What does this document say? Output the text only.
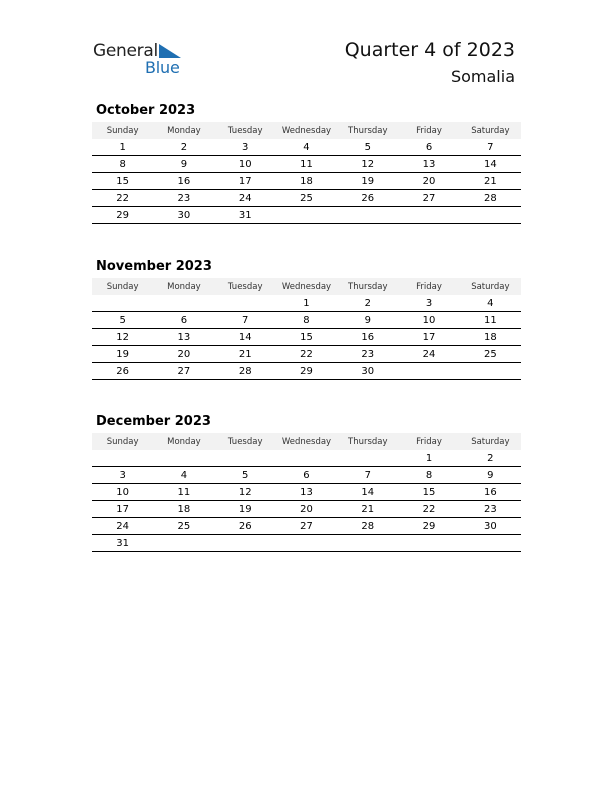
General
Blue
Quarter 4 of 2023
Somalia
October 2023
Sunday	Monday	Tuesday	Wednesday	Thursday	Friday	Saturday
1	2	3	4	5	6	7
8	9	10	11	12	13	14
15	16	17	18	19	20	21
22	23	24	25	26	27	28
29	30	31				
November 2023
Sunday	Monday	Tuesday	Wednesday	Thursday	Friday	Saturday
			1	2	3	4
5	6	7	8	9	10	11
12	13	14	15	16	17	18
19	20	21	22	23	24	25
26	27	28	29	30		
December 2023
Sunday	Monday	Tuesday	Wednesday	Thursday	Friday	Saturday
					1	2
3	4	5	6	7	8	9
10	11	12	13	14	15	16
17	18	19	20	21	22	23
24	25	26	27	28	29	30
31						
